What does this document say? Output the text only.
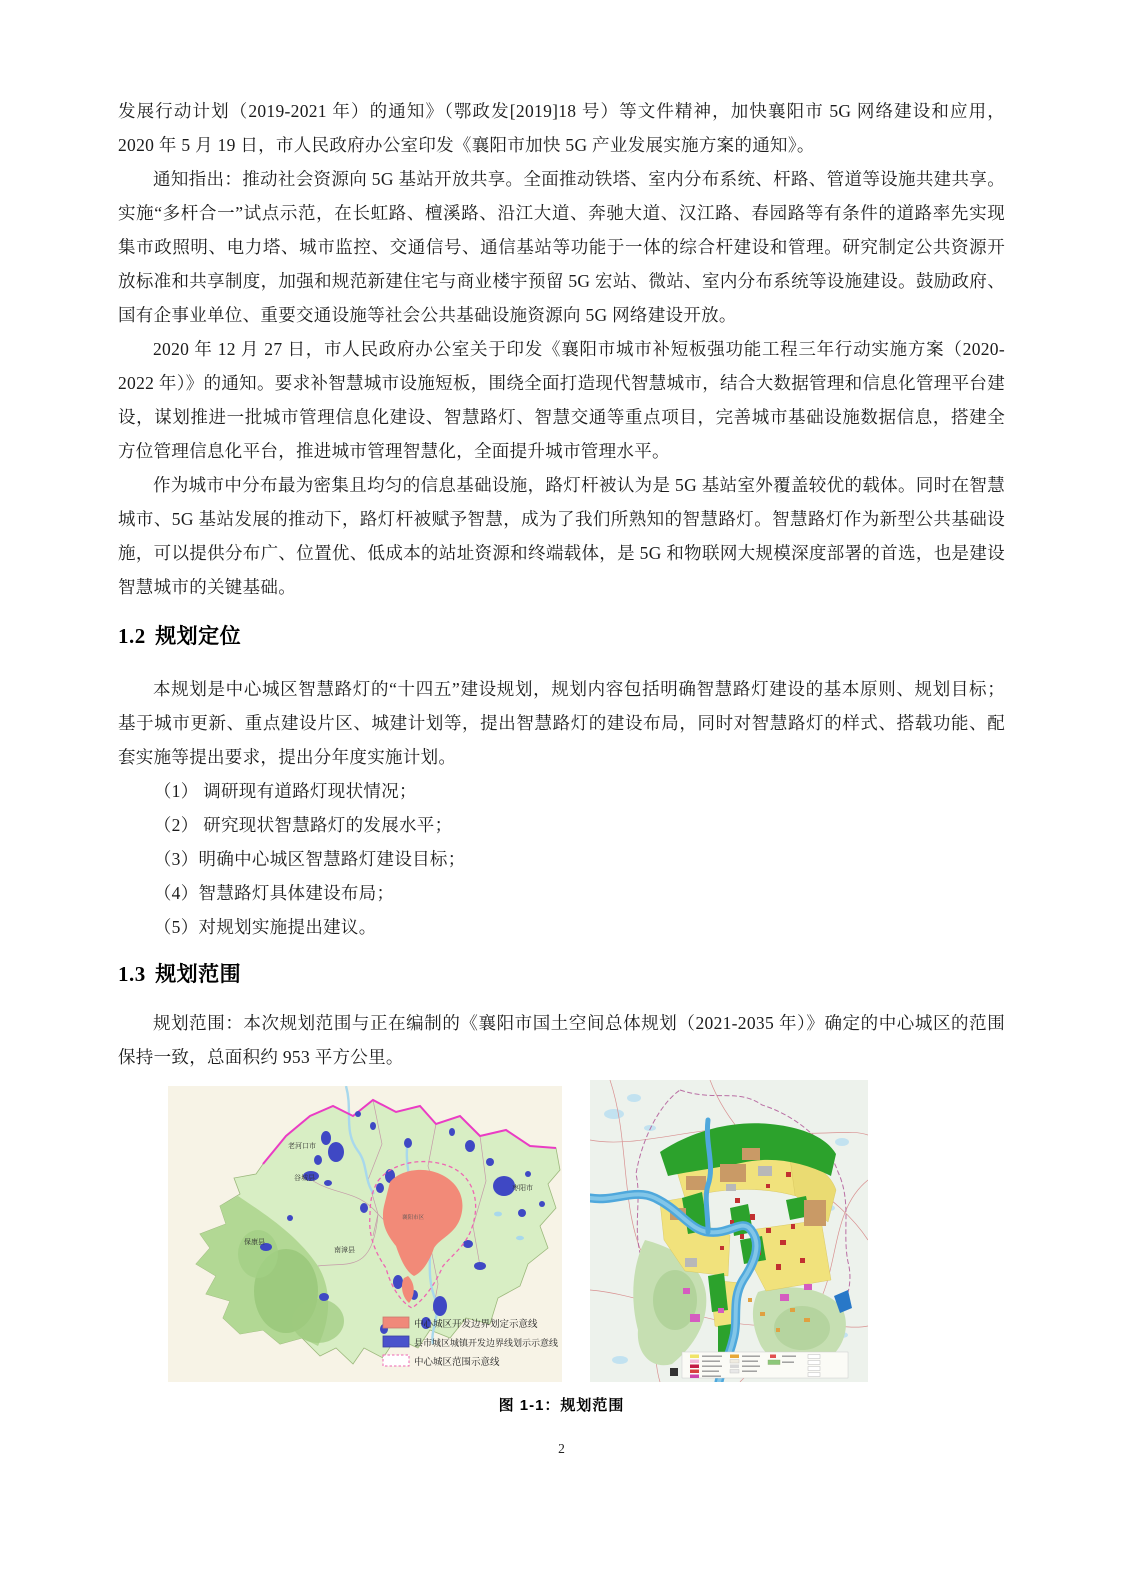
发展行动计划（2019-2021 年）的通知》（鄂政发[2019]18 号）等文件精神，加快襄阳市 5G 网络建设和应用，2020 年 5 月 19 日，市人民政府办公室印发《襄阳市加快 5G 产业发展实施方案的通知》。

通知指出：推动社会资源向 5G 基站开放共享。全面推动铁塔、室内分布系统、杆路、管道等设施共建共享。实施“多杆合一”试点示范，在长虹路、檀溪路、沿江大道、奔驰大道、汉江路、春园路等有条件的道路率先实现集市政照明、电力塔、城市监控、交通信号、通信基站等功能于一体的综合杆建设和管理。研究制定公共资源开放标准和共享制度，加强和规范新建住宅与商业楼宇预留 5G 宏站、微站、室内分布系统等设施建设。鼓励政府、国有企事业单位、重要交通设施等社会公共基础设施资源向 5G 网络建设开放。

2020 年 12 月 27 日，市人民政府办公室关于印发《襄阳市城市补短板强功能工程三年行动实施方案（2020-2022 年）》的通知。要求补智慧城市设施短板，围绕全面打造现代智慧城市，结合大数据管理和信息化管理平台建设，谋划推进一批城市管理信息化建设、智慧路灯、智慧交通等重点项目，完善城市基础设施数据信息，搭建全方位管理信息化平台，推进城市管理智慧化，全面提升城市管理水平。

作为城市中分布最为密集且均匀的信息基础设施，路灯杆被认为是 5G 基站室外覆盖较优的载体。同时在智慧城市、5G 基站发展的推动下，路灯杆被赋予智慧，成为了我们所熟知的智慧路灯。智慧路灯作为新型公共基础设施，可以提供分布广、位置优、低成本的站址资源和终端载体，是 5G 和物联网大规模深度部署的首选，也是建设智慧城市的关键基础。

1.2 规划定位

本规划是中心城区智慧路灯的“十四五”建设规划，规划内容包括明确智慧路灯建设的基本原则、规划目标；基于城市更新、重点建设片区、城建计划等，提出智慧路灯的建设布局，同时对智慧路灯的样式、搭载功能、配套实施等提出要求，提出分年度实施计划。

（1） 调研现有道路灯现状情况；

（2） 研究现状智慧路灯的发展水平；

（3）明确中心城区智慧路灯建设目标；

（4）智慧路灯具体建设布局；

（5）对规划实施提出建议。

1.3 规划范围

规划范围：本次规划范围与正在编制的《襄阳市国土空间总体规划（2021-2035 年）》确定的中心城区的范围保持一致，总面积约 953 平方公里。

老河口市
谷城县
保康县
南漳县
枣阳市
襄阳市区
中心城区开发边界划定示意线
县市城区城镇开发边界线划示示意线
中心城区范围示意线
图 1-1：规划范围
2
